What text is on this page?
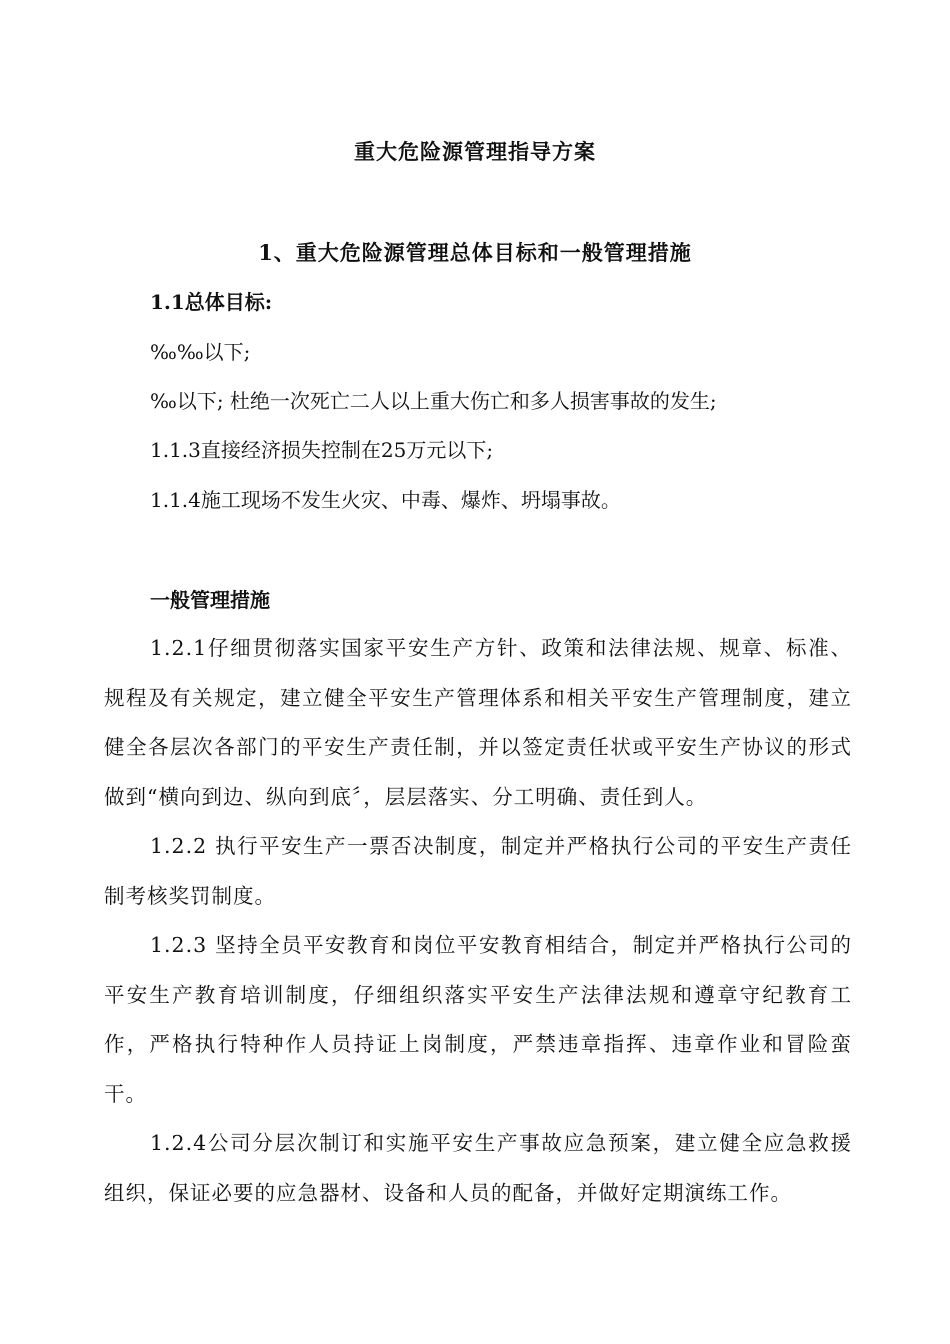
重大危险源管理指导方案
1、重大危险源管理总体目标和一般管理措施
1.1总体目标:
‰‰以下;
‰以下; 杜绝一次死亡二人以上重大伤亡和多人损害事故的发生;
1.1.3直接经济损失控制在25万元以下;
1.1.4施工现场不发生火灾、中毒、爆炸、坍塌事故。
一般管理措施
1.2.1仔细贯彻落实国家平安生产方针、政策和法律法规、规章、标准、规程及有关规定，建立健全平安生产管理体系和相关平安生产管理制度，建立健全各层次各部门的平安生产责任制，并以签定责任状或平安生产协议的形式做到“横向到边、纵向到底〞，层层落实、分工明确、责任到人。
1.2.2 执行平安生产一票否决制度，制定并严格执行公司的平安生产责任制考核奖罚制度。
1.2.3 坚持全员平安教育和岗位平安教育相结合，制定并严格执行公司的平安生产教育培训制度，仔细组织落实平安生产法律法规和遵章守纪教育工作，严格执行特种作人员持证上岗制度，严禁违章指挥、违章作业和冒险蛮干。
1.2.4公司分层次制订和实施平安生产事故应急预案，建立健全应急救援组织，保证必要的应急器材、设备和人员的配备，并做好定期演练工作。
